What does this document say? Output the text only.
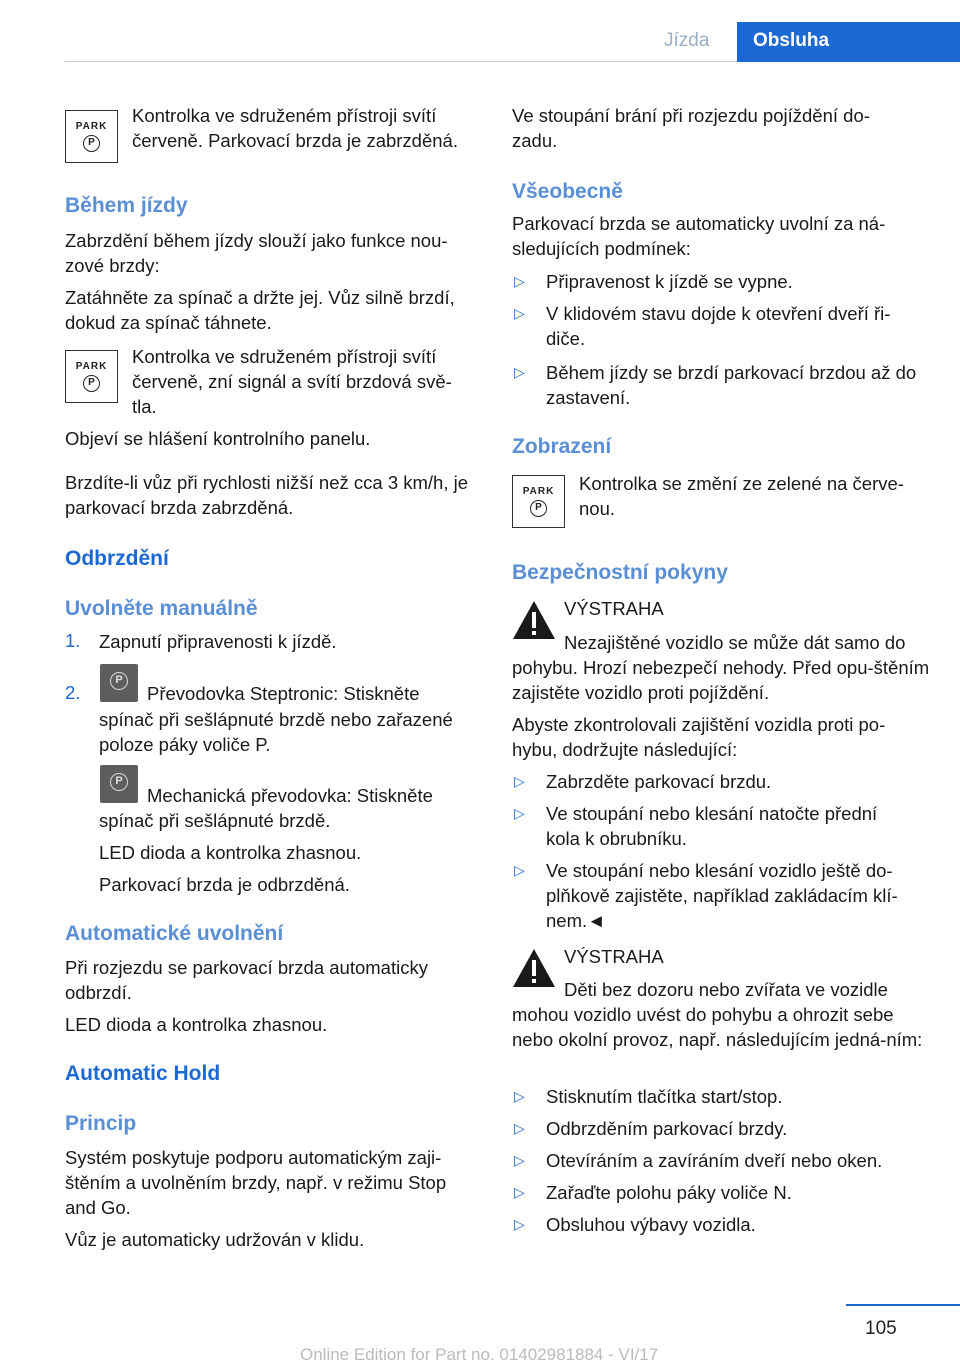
Jízda	Obsluha
PARK
P

Kontrolka ve sdruženém přístroji svítí červeně. Parkovací brzda je zabrzděná.

Během jízdy

Zabrzdění během jízdy slouží jako funkce nou-zové brzdy:

Zatáhněte za spínač a držte jej. Vůz silně brzdí, dokud za spínač táhnete.

PARK
P

Kontrolka ve sdruženém přístroji svítí červeně, zní signál a svítí brzdová svě-tla.

Objeví se hlášení kontrolního panelu.

Brzdíte-li vůz při rychlosti nižší než cca 3 km/h, je parkovací brzda zabrzděná.

Odbrzdění
Uvolněte manuálně
1. Zapnutí připravenosti k jízdě.

2.
P

Převodovka Steptronic: Stiskněte

spínač při sešlápnuté brzdě nebo zařazené poloze páky voliče P.

P

Mechanická převodovka: Stiskněte

spínač při sešlápnuté brzdě.

LED dioda a kontrolka zhasnou.

Parkovací brzda je odbrzděná.

Automatické uvolnění

Při rozjezdu se parkovací brzda automaticky odbrzdí.

LED dioda a kontrolka zhasnou.

Automatic Hold
Princip

Systém poskytuje podporu automatickým zaji-štěním a uvolněním brzdy, např. v režimu Stop and Go.

Vůz je automaticky udržován v klidu.

Ve stoupání brání při rozjezdu pojíždění do-zadu.

Všeobecně

Parkovací brzda se automaticky uvolní za ná-sledujících podmínek:

▷ Připravenost k jízdě se vypne.

▷ V klidovém stavu dojde k otevření dveří ři-diče.

▷ Během jízdy se brzdí parkovací brzdou až do zastavení.

Zobrazení
PARK
P

Kontrolka se změní ze zelené na červe-nou.

Bezpečnostní pokyny

VÝSTRAHA

Nezajištěné vozidlo se může dát samo do

pohybu. Hrozí nebezpečí nehody. Před opu-štěním zajistěte vozidlo proti pojíždění.

Abyste zkontrolovali zajištění vozidla proti po-hybu, dodržujte následující:

▷ Zabrzděte parkovací brzdu.

▷ Ve stoupání nebo klesání natočte přední kola k obrubníku.

▷ Ve stoupání nebo klesání vozidlo ještě do-plňkově zajistěte, například zakládacím klí-nem.◄

VÝSTRAHA

Děti bez dozoru nebo zvířata ve vozidle

mohou vozidlo uvést do pohybu a ohrozit sebe nebo okolní provoz, např. následujícím jedná-ním:

▷ Stisknutím tlačítka start/stop.

▷ Odbrzděním parkovací brzdy.

▷ Otevíráním a zavíráním dveří nebo oken.

▷ Zařaďte polohu páky voliče N.

▷ Obsluhou výbavy vozidla.

105
Online Edition for Part no. 01402981884 - VI/17
